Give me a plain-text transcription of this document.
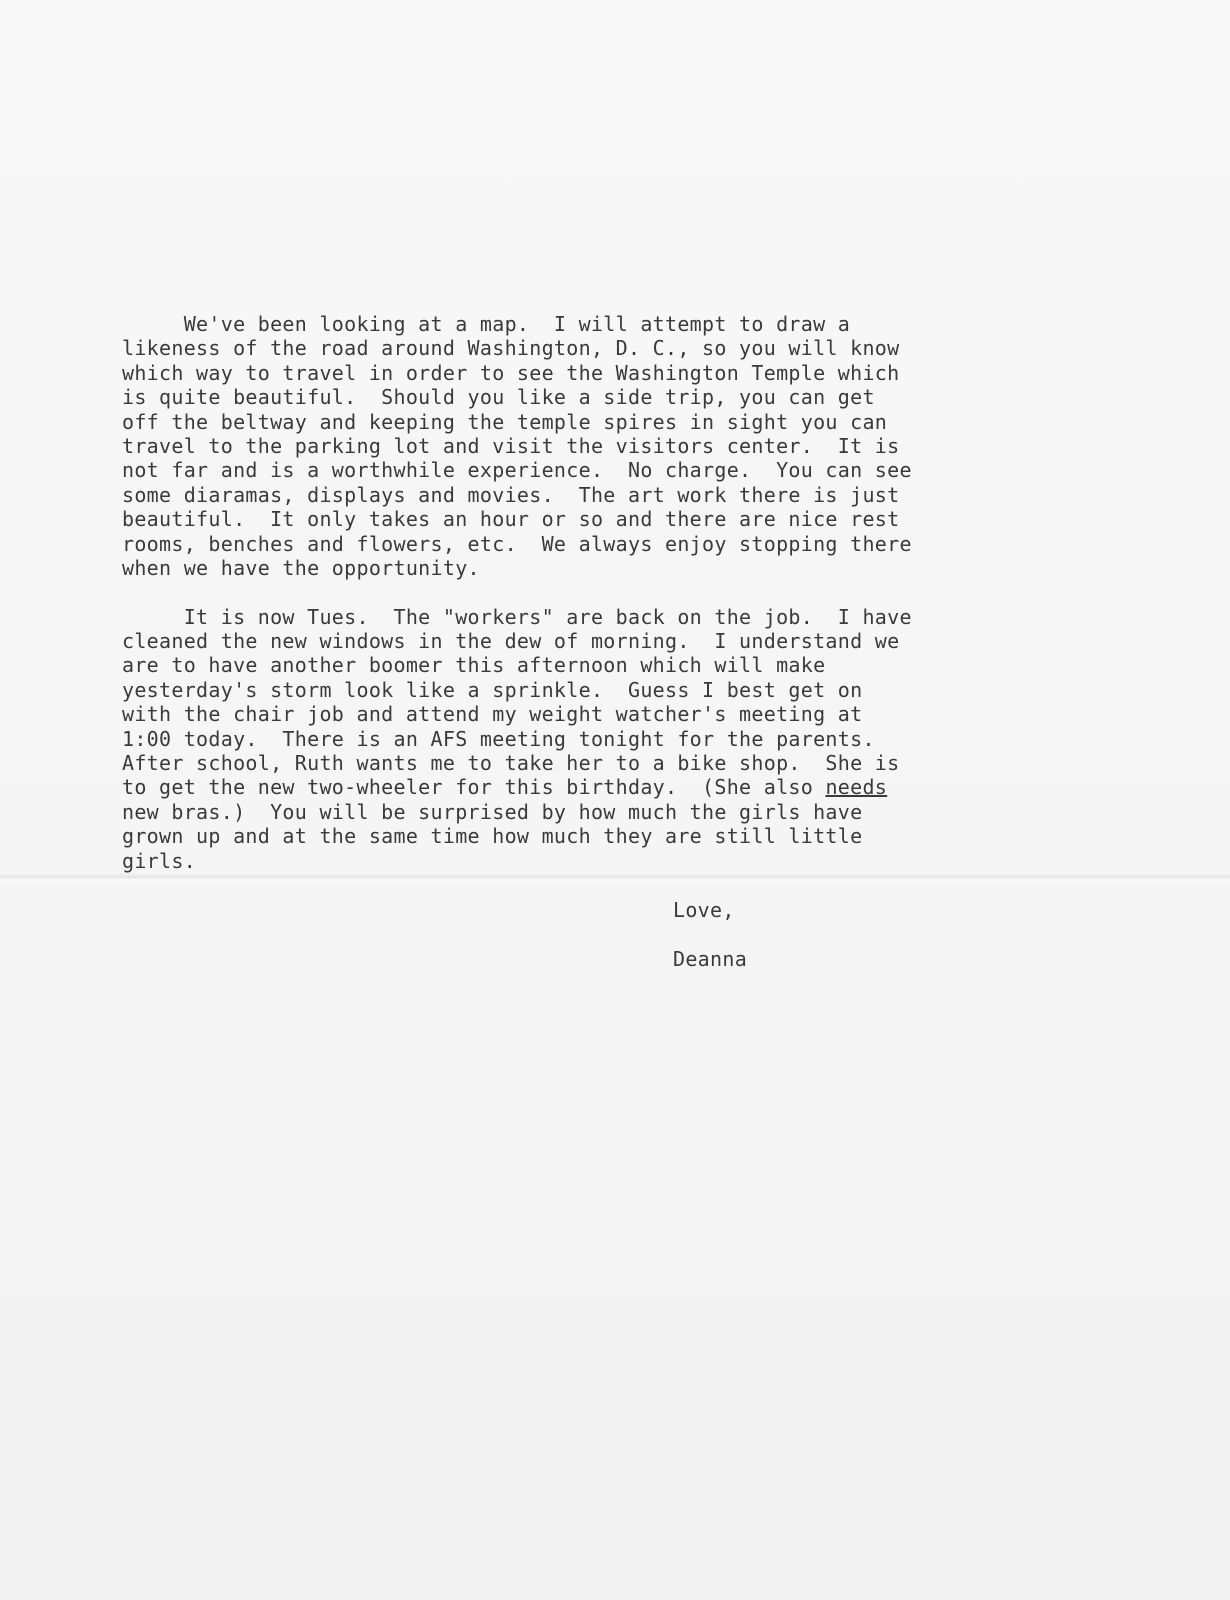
We've been looking at a map.  I will attempt to draw a
likeness of the road around Washington, D. C., so you will know
which way to travel in order to see the Washington Temple which
is quite beautiful.  Should you like a side trip, you can get
off the beltway and keeping the temple spires in sight you can
travel to the parking lot and visit the visitors center.  It is
not far and is a worthwhile experience.  No charge.  You can see
some diaramas, displays and movies.  The art work there is just
beautiful.  It only takes an hour or so and there are nice rest
rooms, benches and flowers, etc.  We always enjoy stopping there
when we have the opportunity.
It is now Tues.  The "workers" are back on the job.  I have
cleaned the new windows in the dew of morning.  I understand we
are to have another boomer this afternoon which will make
yesterday's storm look like a sprinkle.  Guess I best get on
with the chair job and attend my weight watcher's meeting at
1:00 today.  There is an AFS meeting tonight for the parents.
After school, Ruth wants me to take her to a bike shop.  She is
to get the new two-wheeler for this birthday.  (She also needs
new bras.)  You will be surprised by how much the girls have
grown up and at the same time how much they are still little
girls.
Love,
Deanna
